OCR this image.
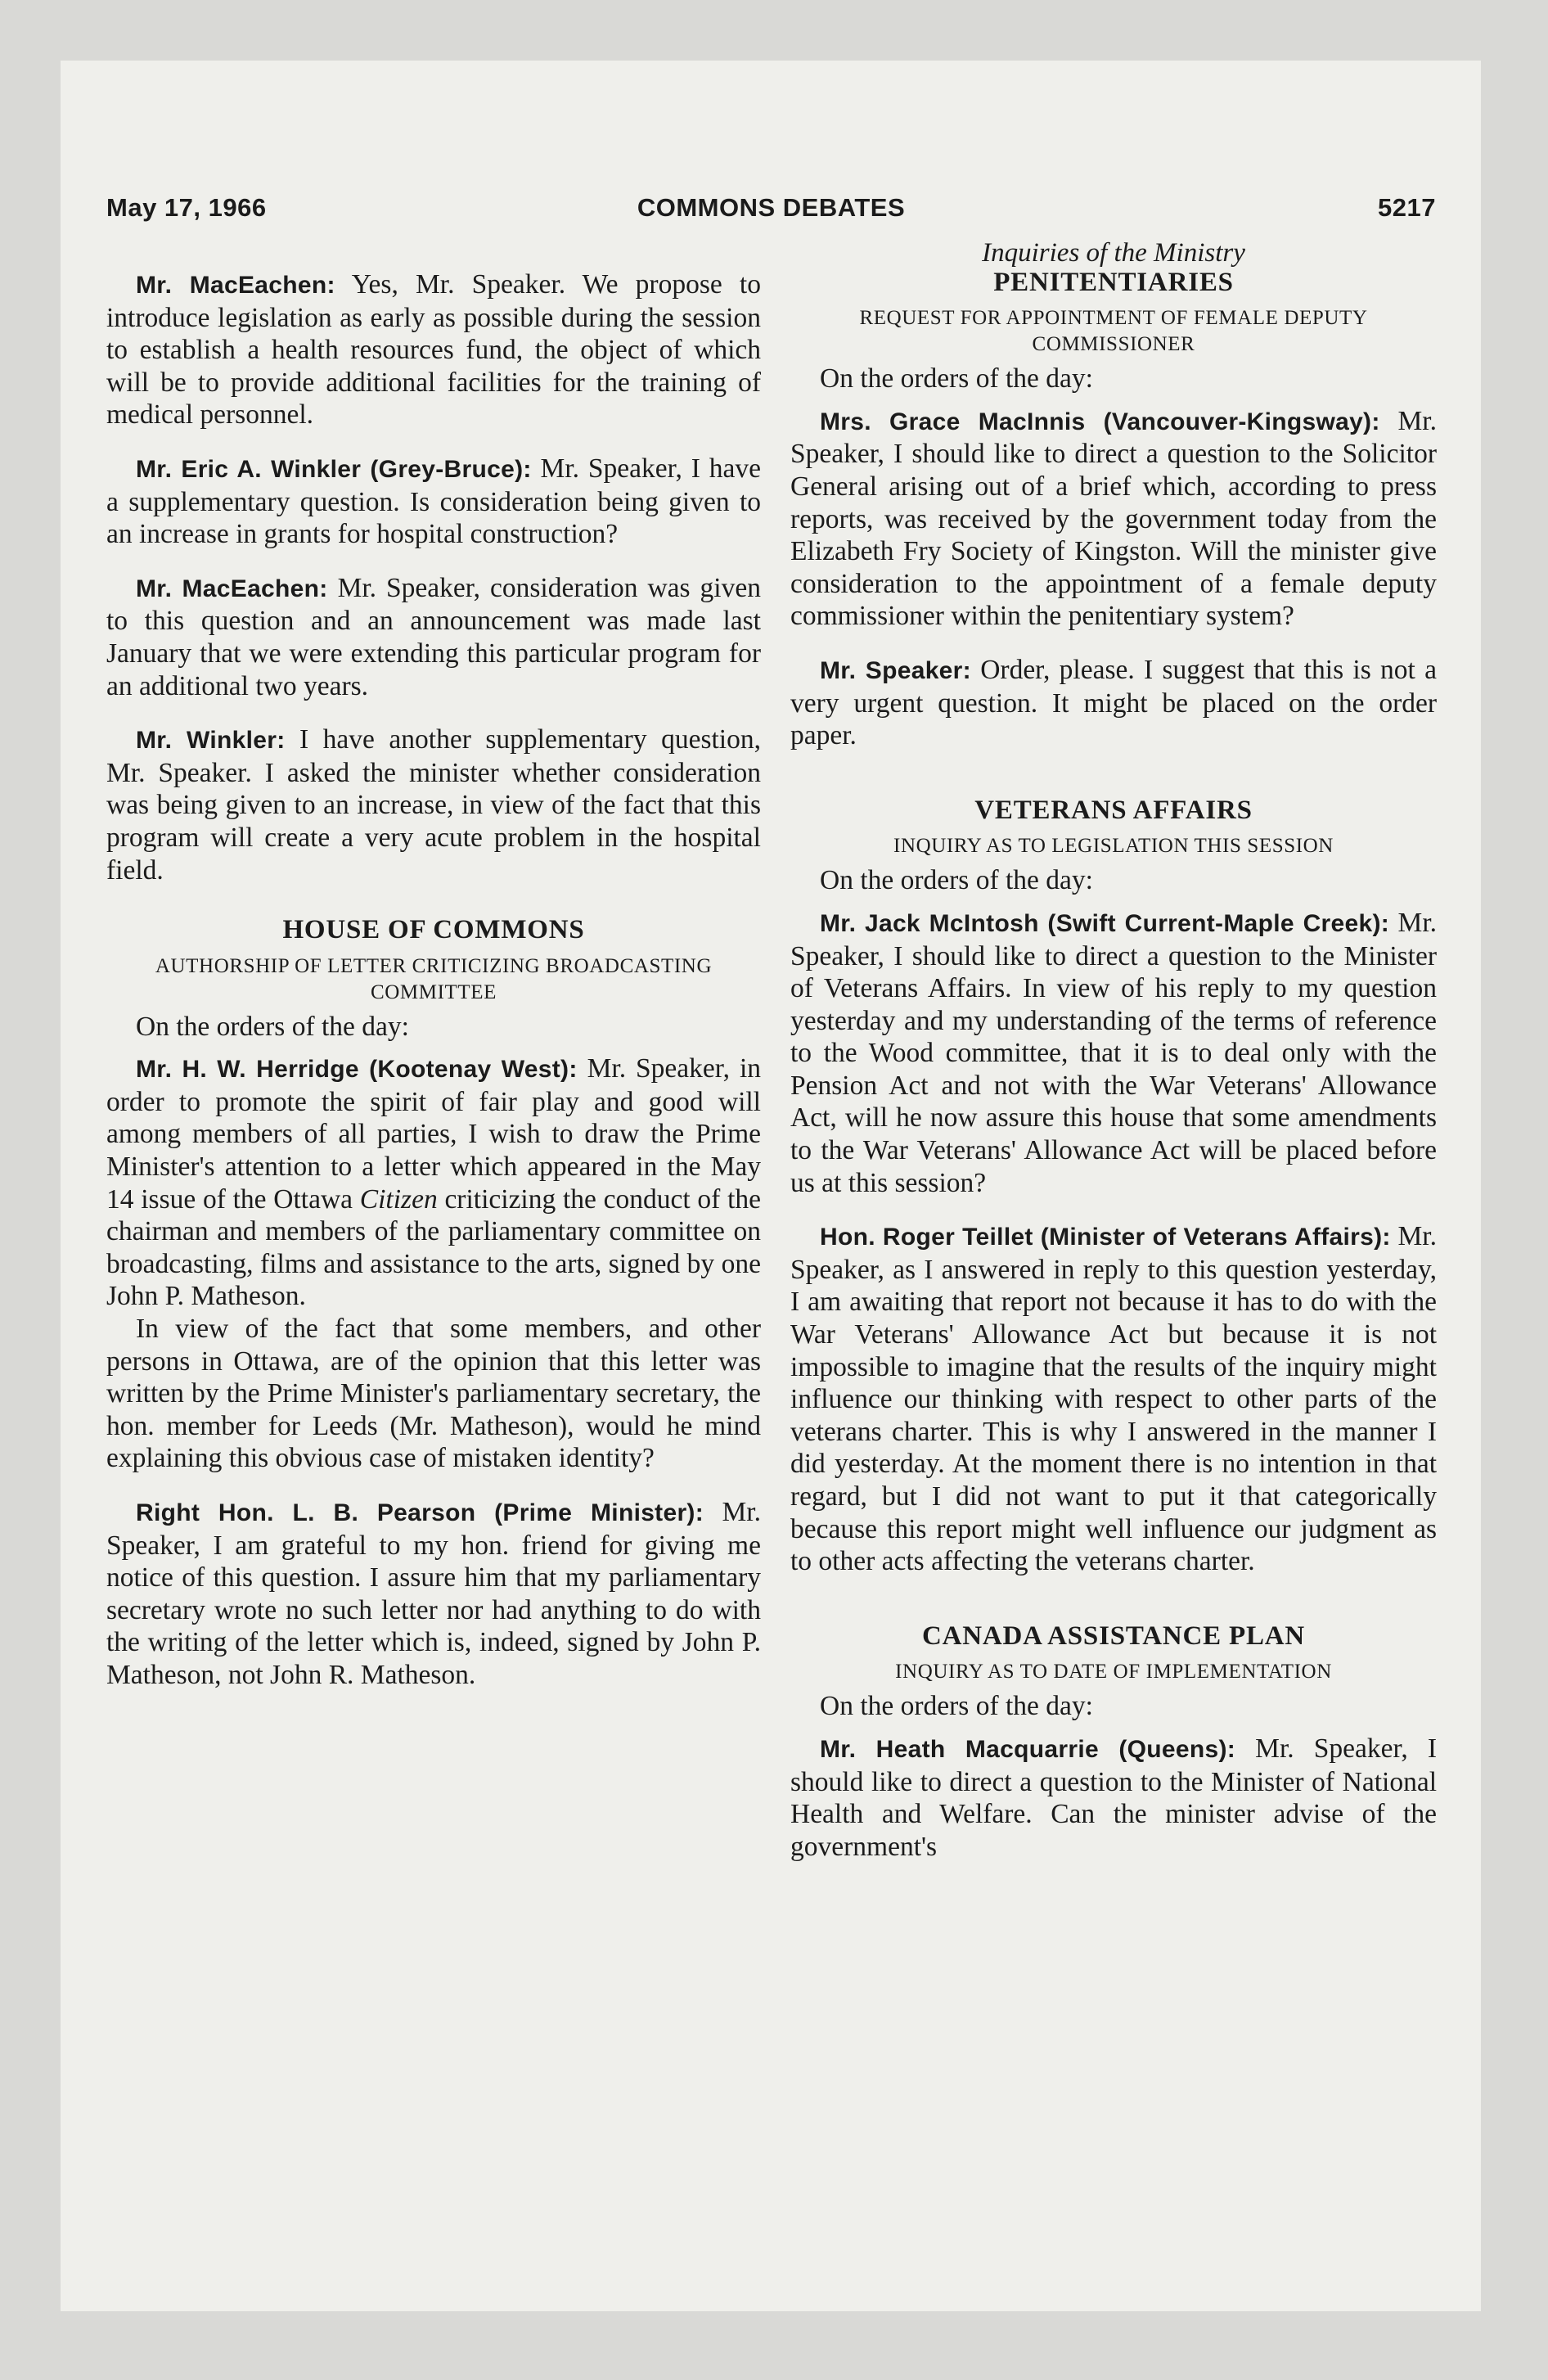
May 17, 1966	COMMONS DEBATES	5217

Mr. MacEachen: Yes, Mr. Speaker. We propose to introduce legislation as early as possible during the session to establish a health resources fund, the object of which will be to provide additional facilities for the training of medical personnel.

Mr. Eric A. Winkler (Grey-Bruce): Mr. Speaker, I have a supplementary question. Is consideration being given to an increase in grants for hospital construction?

Mr. MacEachen: Mr. Speaker, consideration was given to this question and an announcement was made last January that we were extending this particular program for an additional two years.

Mr. Winkler: I have another supplementary question, Mr. Speaker. I asked the minister whether consideration was being given to an increase, in view of the fact that this program will create a very acute problem in the hospital field.

HOUSE OF COMMONS

AUTHORSHIP OF LETTER CRITICIZING BROADCASTING COMMITTEE

On the orders of the day:

Mr. H. W. Herridge (Kootenay West): Mr. Speaker, in order to promote the spirit of fair play and good will among members of all parties, I wish to draw the Prime Minister's attention to a letter which appeared in the May 14 issue of the Ottawa Citizen criticizing the conduct of the chairman and members of the parliamentary committee on broadcasting, films and assistance to the arts, signed by one John P. Matheson.

In view of the fact that some members, and other persons in Ottawa, are of the opinion that this letter was written by the Prime Minister's parliamentary secretary, the hon. member for Leeds (Mr. Matheson), would he mind explaining this obvious case of mistaken identity?

Right Hon. L. B. Pearson (Prime Minister): Mr. Speaker, I am grateful to my hon. friend for giving me notice of this question. I assure him that my parliamentary secretary wrote no such letter nor had anything to do with the writing of the letter which is, indeed, signed by John P. Matheson, not John R. Matheson.

Inquiries of the Ministry

PENITENTIARIES

REQUEST FOR APPOINTMENT OF FEMALE DEPUTY COMMISSIONER

On the orders of the day:

Mrs. Grace MacInnis (Vancouver-Kingsway): Mr. Speaker, I should like to direct a question to the Solicitor General arising out of a brief which, according to press reports, was received by the government today from the Elizabeth Fry Society of Kingston. Will the minister give consideration to the appointment of a female deputy commissioner within the penitentiary system?

Mr. Speaker: Order, please. I suggest that this is not a very urgent question. It might be placed on the order paper.

VETERANS AFFAIRS

INQUIRY AS TO LEGISLATION THIS SESSION

On the orders of the day:

Mr. Jack McIntosh (Swift Current-Maple Creek): Mr. Speaker, I should like to direct a question to the Minister of Veterans Affairs. In view of his reply to my question yesterday and my understanding of the terms of reference to the Wood committee, that it is to deal only with the Pension Act and not with the War Veterans' Allowance Act, will he now assure this house that some amendments to the War Veterans' Allowance Act will be placed before us at this session?

Hon. Roger Teillet (Minister of Veterans Affairs): Mr. Speaker, as I answered in reply to this question yesterday, I am awaiting that report not because it has to do with the War Veterans' Allowance Act but because it is not impossible to imagine that the results of the inquiry might influence our thinking with respect to other parts of the veterans charter. This is why I answered in the manner I did yesterday. At the moment there is no intention in that regard, but I did not want to put it that categorically because this report might well influence our judgment as to other acts affecting the veterans charter.

CANADA ASSISTANCE PLAN

INQUIRY AS TO DATE OF IMPLEMENTATION

On the orders of the day:

Mr. Heath Macquarrie (Queens): Mr. Speaker, I should like to direct a question to the Minister of National Health and Welfare. Can the minister advise of the government's
